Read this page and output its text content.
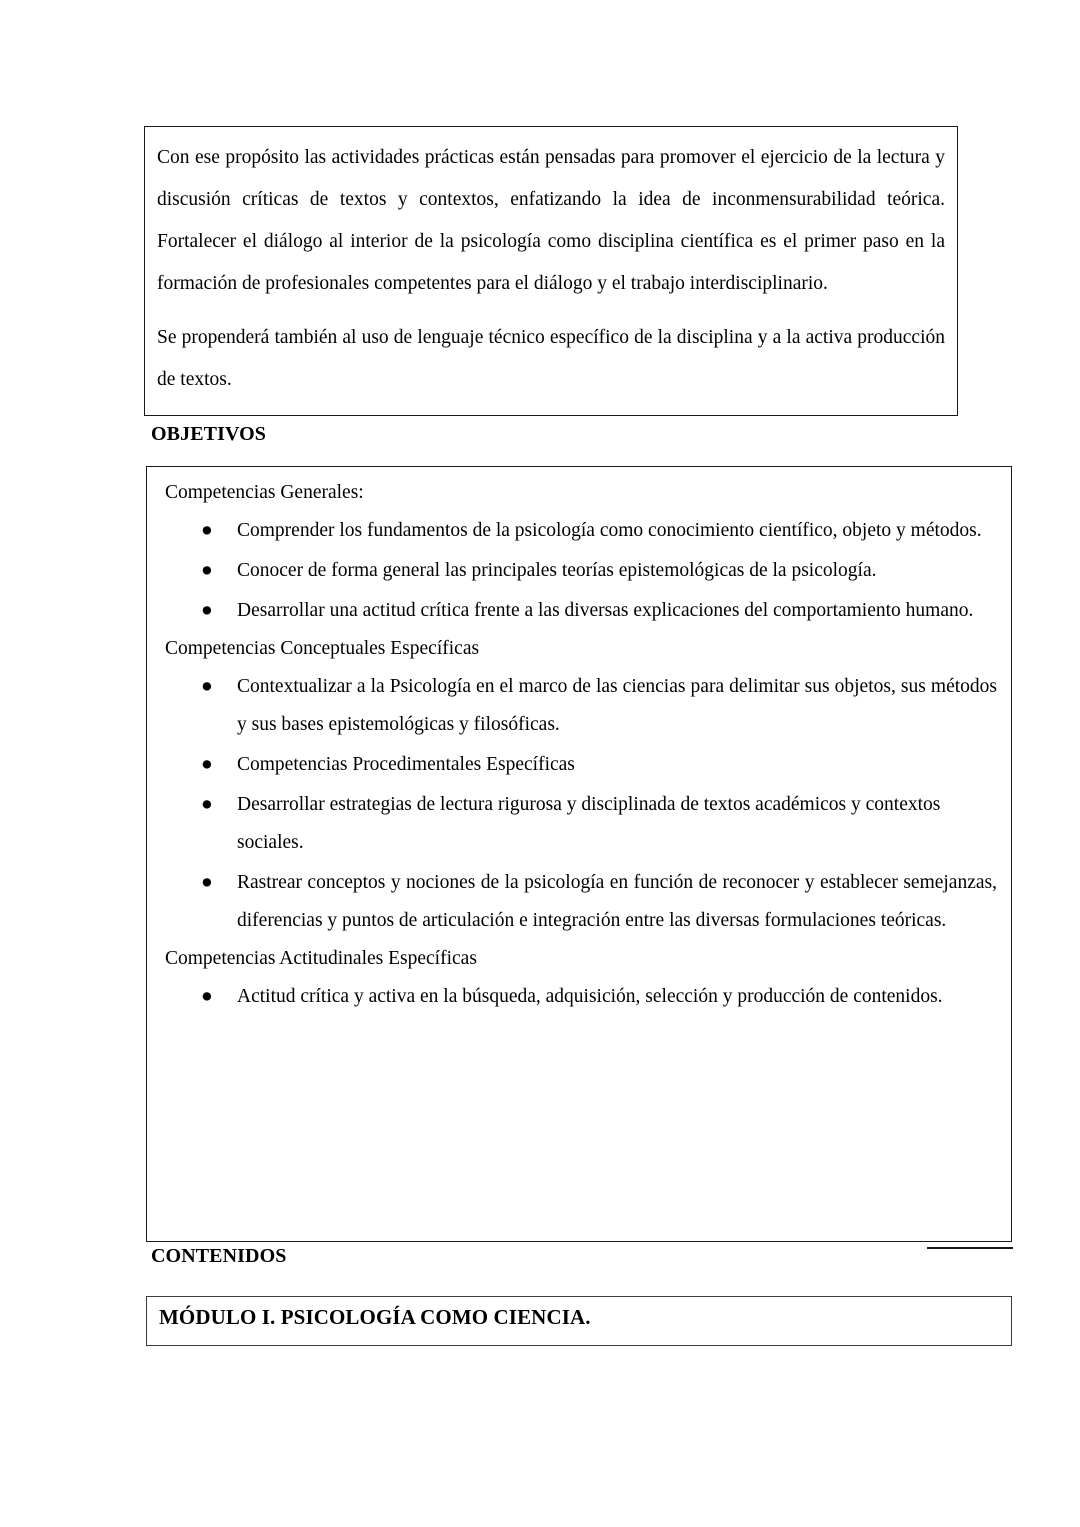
Con ese propósito las actividades prácticas están pensadas para promover el ejercicio de la lectura y discusión críticas de textos y contextos, enfatizando la idea de inconmensurabilidad teórica. Fortalecer el diálogo al interior de la psicología como disciplina científica es el primer paso en la formación de profesionales competentes para el diálogo y el trabajo interdisciplinario.

Se propenderá también al uso de lenguaje técnico específico de la disciplina y a la activa producción de textos.

OBJETIVOS
Competencias Generales:
● Comprender los fundamentos de la psicología como conocimiento científico, objeto y métodos.
● Conocer de forma general las principales teorías epistemológicas de la psicología.
● Desarrollar una actitud crítica frente a las diversas explicaciones del comportamiento humano.
Competencias Conceptuales Específicas
● Contextualizar a la Psicología en el marco de las ciencias para delimitar sus objetos, sus métodos y sus bases epistemológicas y filosóficas.
● Competencias Procedimentales Específicas
● Desarrollar estrategias de lectura rigurosa y disciplinada de textos académicos y contextos sociales.
● Rastrear conceptos y nociones de la psicología en función de reconocer y establecer semejanzas, diferencias y puntos de articulación e integración entre las diversas formulaciones teóricas.
Competencias Actitudinales Específicas
● Actitud crítica y activa en la búsqueda, adquisición, selección y producción de contenidos.
CONTENIDOS
MÓDULO I. PSICOLOGÍA COMO CIENCIA.
